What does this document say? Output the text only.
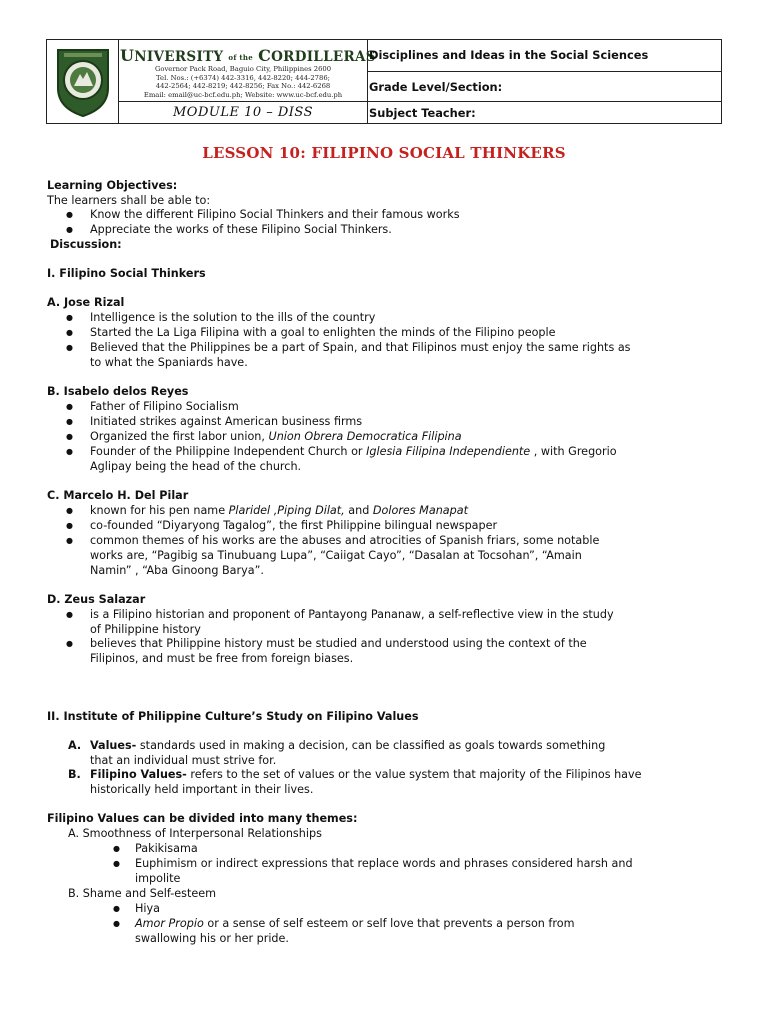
UNIVERSITY of the CORDILLERAS
Governor Pack Road, Baguio City, Philippines 2600
Tel. Nos.: (+6374) 442-3316, 442-8220; 444-2786;
442-2564; 442-8219; 442-8256; Fax No.: 442-6268
Email: email@uc-bcf.edu.ph; Website: www.uc-bcf.edu.ph
MODULE 10 – DISS
Disciplines and Ideas in the Social Sciences
Grade Level/Section:
Subject Teacher:
LESSON 10: FILIPINO SOCIAL THINKERS
Learning Objectives:
The learners shall be able to:
● Know the different Filipino Social Thinkers and their famous works
● Appreciate the works of these Filipino Social Thinkers.
Discussion:
I. Filipino Social Thinkers
A. Jose Rizal
● Intelligence is the solution to the ills of the country
● Started the La Liga Filipina with a goal to enlighten the minds of the Filipino people
● Believed that the Philippines be a part of Spain, and that Filipinos must enjoy the same rights as
to what the Spaniards have.
B. Isabelo delos Reyes
● Father of Filipino Socialism
● Initiated strikes against American business firms
● Organized the first labor union, Union Obrera Democratica Filipina
● Founder of the Philippine Independent Church or Iglesia Filipina Independiente , with Gregorio
Aglipay being the head of the church.
C. Marcelo H. Del Pilar
● known for his pen name Plaridel ,Piping Dilat, and Dolores Manapat
● co-founded “Diyaryong Tagalog”, the first Philippine bilingual newspaper
● common themes of his works are the abuses and atrocities of Spanish friars, some notable
works are, “Pagibig sa Tinubuang Lupa”, “Caiigat Cayo”, “Dasalan at Tocsohan”, “Amain
Namin” , “Aba Ginoong Barya”.
D. Zeus Salazar
● is a Filipino historian and proponent of Pantayong Pananaw, a self-reflective view in the study
of Philippine history
● believes that Philippine history must be studied and understood using the context of the
Filipinos, and must be free from foreign biases.
II. Institute of Philippine Culture’s Study on Filipino Values
A. Values- standards used in making a decision, can be classified as goals towards something
that an individual must strive for.
B. Filipino Values- refers to the set of values or the value system that majority of the Filipinos have
historically held important in their lives.
Filipino Values can be divided into many themes:
A. Smoothness of Interpersonal Relationships
● Pakikisama
● Euphimism or indirect expressions that replace words and phrases considered harsh and
impolite
B. Shame and Self-esteem
● Hiya
● Amor Propio or a sense of self esteem or self love that prevents a person from
swallowing his or her pride.
